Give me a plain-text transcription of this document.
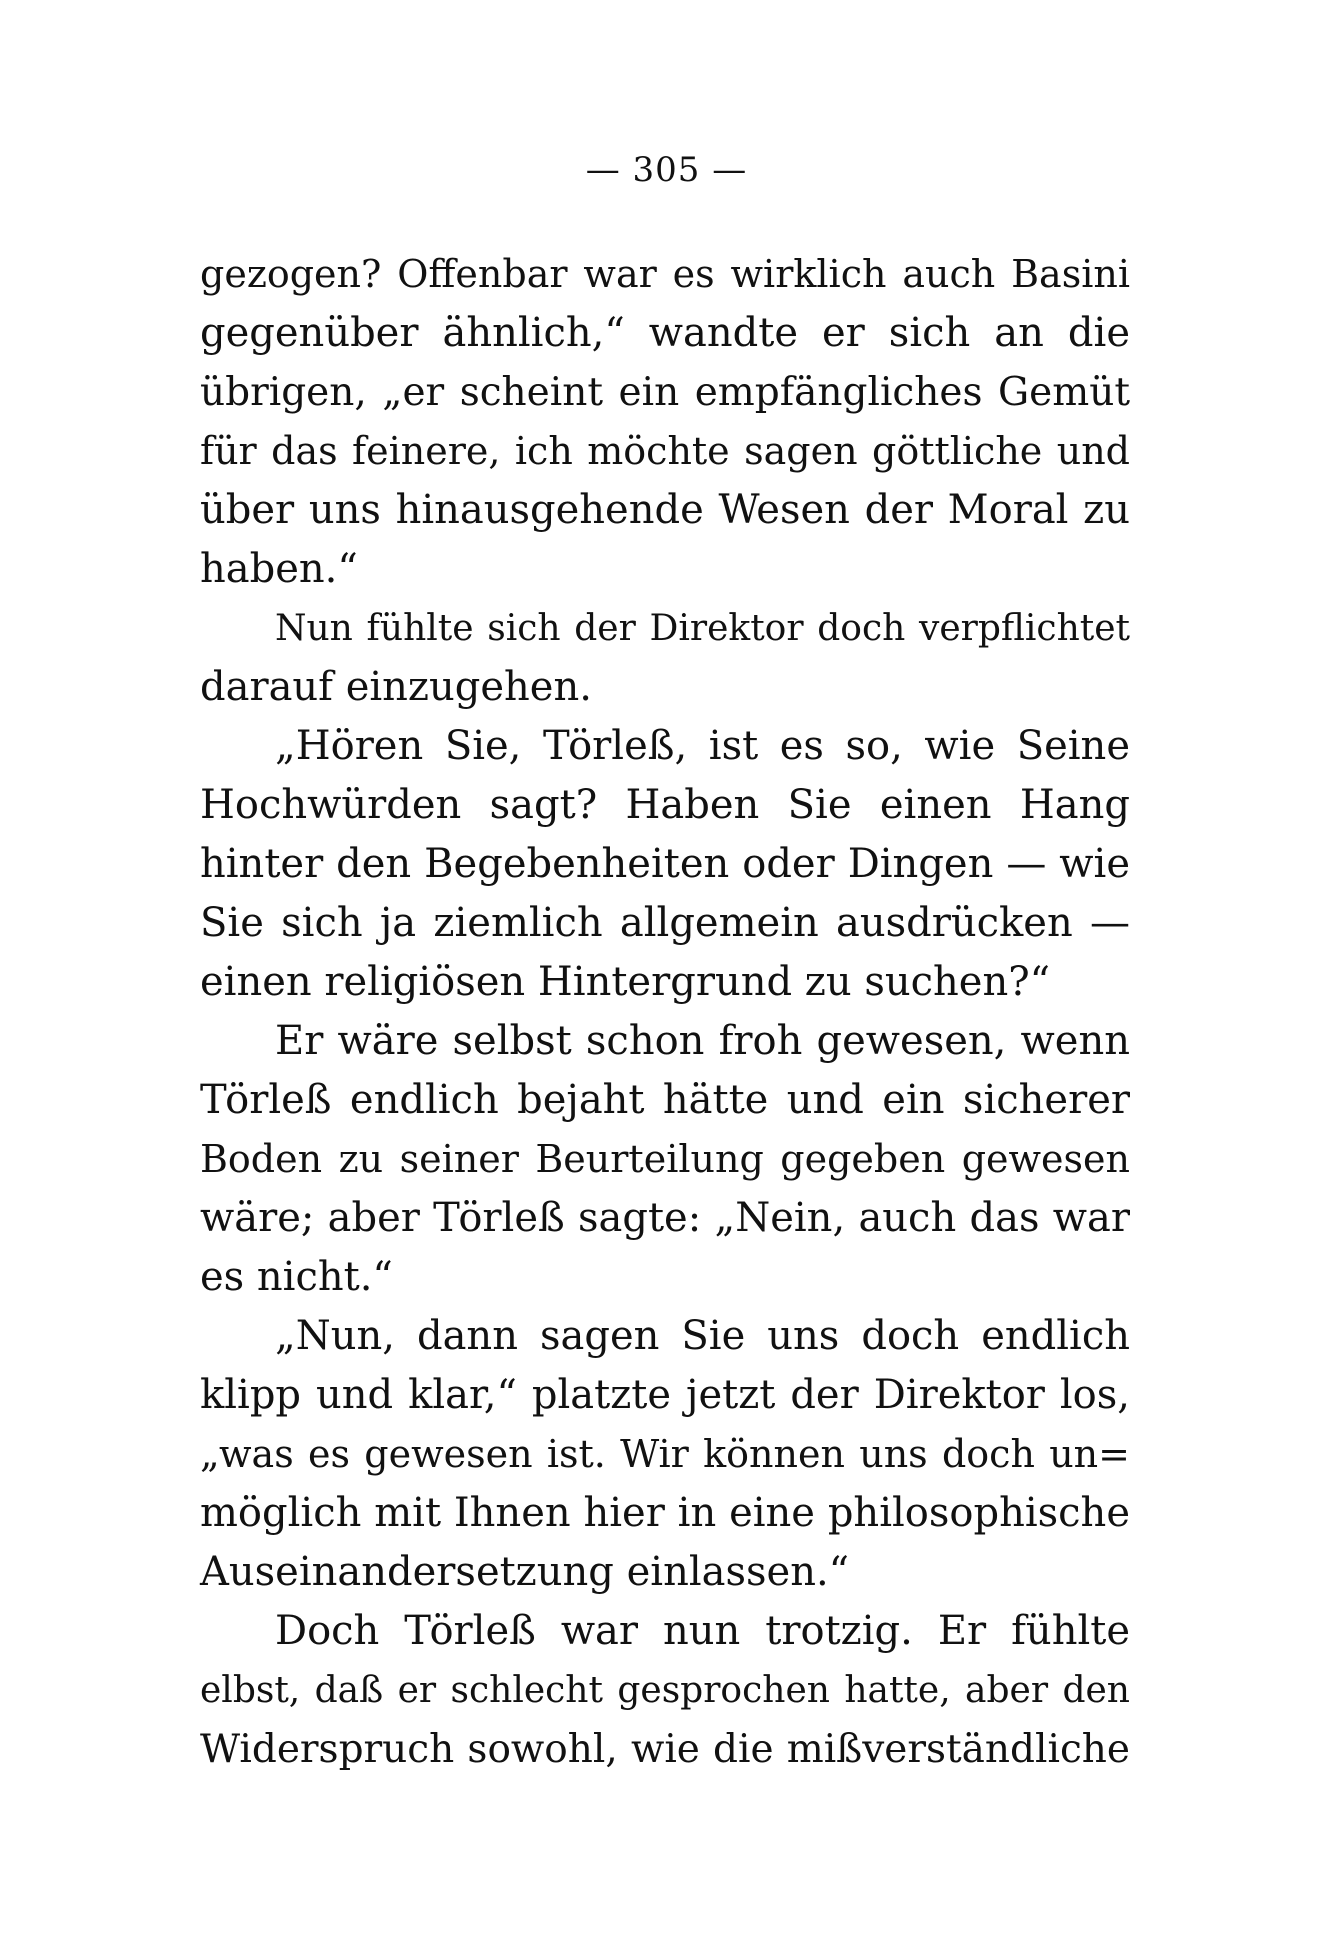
— 305 —
gezogen? Offenbar war es wirklich auch Basini
gegenüber ähnlich,“ wandte er sich an die
übrigen, „er scheint ein empfängliches Gemüt
für das feinere, ich möchte sagen göttliche und
über uns hinausgehende Wesen der Moral zu
haben.“
Nun fühlte sich der Direktor doch verpflichtet
darauf einzugehen.
„Hören Sie, Törleß, ist es so, wie Seine
Hochwürden sagt? Haben Sie einen Hang
hinter den Begebenheiten oder Dingen — wie
Sie sich ja ziemlich allgemein ausdrücken —
einen religiösen Hintergrund zu suchen?“
Er wäre selbst schon froh gewesen, wenn
Törleß endlich bejaht hätte und ein sicherer
Boden zu seiner Beurteilung gegeben gewesen
wäre; aber Törleß sagte: „Nein, auch das war
es nicht.“
„Nun, dann sagen Sie uns doch endlich
klipp und klar,“ platzte jetzt der Direktor los,
„was es gewesen ist. Wir können uns doch un=
möglich mit Ihnen hier in eine philosophische
Auseinandersetzung einlassen.“
Doch Törleß war nun trotzig. Er fühlte
elbst, daß er schlecht gesprochen hatte, aber den
Widerspruch sowohl, wie die mißverständliche
